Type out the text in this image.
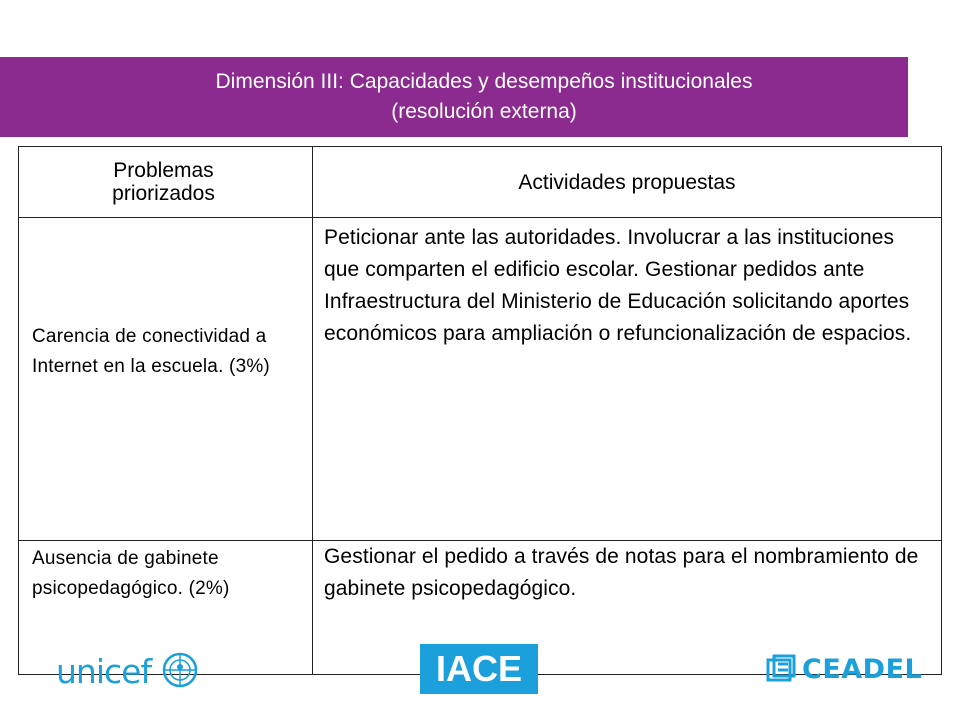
Dimensión III: Capacidades y desempeños institucionales
(resolución externa)
Problemas priorizados	Actividades propuestas
Carencia de conectividad a Internet en la escuela. (3%)	Peticionar ante las autoridades. Involucrar a las instituciones que comparten el edificio escolar. Gestionar pedidos ante Infraestructura del Ministerio de Educación solicitando aportes económicos para ampliación o refuncionalización de espacios.
Ausencia de gabinete psicopedagógico. (2%)	Gestionar el pedido a través de notas para el nombramiento de gabinete psicopedagógico.
unicef	IACE	CEADEL
